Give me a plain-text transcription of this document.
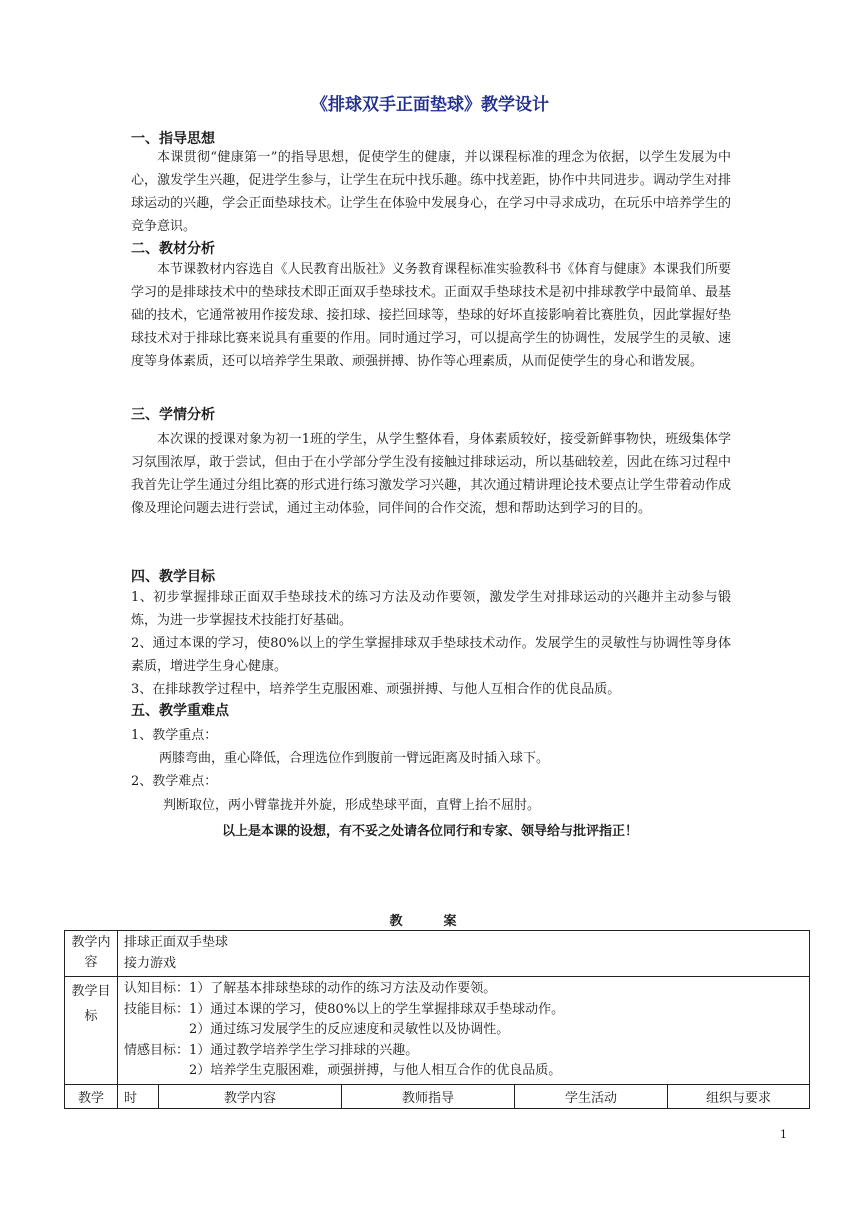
《排球双手正面垫球》教学设计
一、指导思想
本课贯彻“健康第一”的指导思想，促使学生的健康，并以课程标准的理念为依据，以学生发展为中心，激发学生兴趣，促进学生参与，让学生在玩中找乐趣。练中找差距，协作中共同进步。调动学生对排球运动的兴趣，学会正面垫球技术。让学生在体验中发展身心，在学习中寻求成功，在玩乐中培养学生的竞争意识。
二、教材分析
本节课教材内容选自《人民教育出版社》义务教育课程标准实验教科书《体育与健康》本课我们所要学习的是排球技术中的垫球技术即正面双手垫球技术。正面双手垫球技术是初中排球教学中最简单、最基础的技术，它通常被用作接发球、接扣球、接拦回球等，垫球的好坏直接影响着比赛胜负，因此掌握好垫球技术对于排球比赛来说具有重要的作用。同时通过学习，可以提高学生的协调性，发展学生的灵敏、速度等身体素质，还可以培养学生果敢、顽强拼搏、协作等心理素质，从而促使学生的身心和谐发展。
三、学情分析
本次课的授课对象为初一1班的学生，从学生整体看，身体素质较好，接受新鲜事物快，班级集体学习氛围浓厚，敢于尝试，但由于在小学部分学生没有接触过排球运动，所以基础较差，因此在练习过程中我首先让学生通过分组比赛的形式进行练习激发学习兴趣，其次通过精讲理论技术要点让学生带着动作成像及理论问题去进行尝试，通过主动体验，同伴间的合作交流，想和帮助达到学习的目的。
四、教学目标
1、初步掌握排球正面双手垫球技术的练习方法及动作要领，激发学生对排球运动的兴趣并主动参与锻炼，为进一步掌握技术技能打好基础。
2、通过本课的学习，使80%以上的学生掌握排球双手垫球技术动作。发展学生的灵敏性与协调性等身体素质，增进学生身心健康。
3、在排球教学过程中，培养学生克服困难、顽强拼搏、与他人互相合作的优良品质。
五、教学重难点
1、教学重点：
两膝弯曲，重心降低，合理选位作到腹前一臂远距离及时插入球下。
2、教学难点：
判断取位，两小臂靠拢并外旋，形成垫球平面，直臂上抬不屈肘。
以上是本课的设想，有不妥之处请各位同行和专家、领导给与批评指正！
教　案
教学内容	排球正面双手垫球
接力游戏				

教学目标	认知目标：1）了解基本排球垫球的动作的练习方法及动作要领。
技能目标：1）通过本课的学习，使80%以上的学生掌握排球双手垫球动作。
　　　　　2）通过练习发展学生的反应速度和灵敏性以及协调性。
情感目标：1）通过教学培养学生学习排球的兴趣。
　　　　　2）培养学生克服困难，顽强拼搏，与他人相互合作的优良品质。				

教学	时	教学内容	教师指导	学生活动	组织与要求
1
